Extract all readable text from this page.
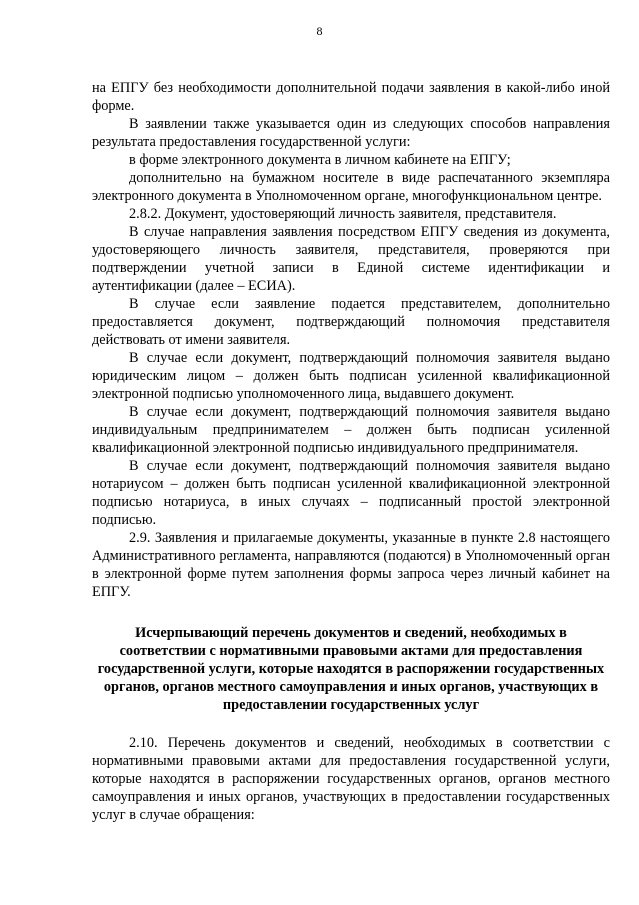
8

на ЕПГУ без необходимости дополнительной подачи заявления в какой-либо иной форме.

В заявлении также указывается один из следующих способов направления результата предоставления государственной услуги:

в форме электронного документа в личном кабинете на ЕПГУ;

дополнительно на бумажном носителе в виде распечатанного экземпляра электронного документа в Уполномоченном органе, многофункциональном центре.

2.8.2. Документ, удостоверяющий личность заявителя, представителя.

В случае направления заявления посредством ЕПГУ сведения из документа, удостоверяющего личность заявителя, представителя, проверяются при подтверждении учетной записи в Единой системе идентификации и аутентификации (далее – ЕСИА).

В случае если заявление подается представителем, дополнительно предоставляется документ, подтверждающий полномочия представителя действовать от имени заявителя.

В случае если документ, подтверждающий полномочия заявителя выдано юридическим лицом – должен быть подписан усиленной квалификационной электронной подписью уполномоченного лица, выдавшего документ.

В случае если документ, подтверждающий полномочия заявителя выдано индивидуальным предпринимателем – должен быть подписан усиленной квалификационной электронной подписью индивидуального предпринимателя.

В случае если документ, подтверждающий полномочия заявителя выдано нотариусом – должен быть подписан усиленной квалификационной электронной подписью нотариуса, в иных случаях – подписанный простой электронной подписью.

2.9. Заявления и прилагаемые документы, указанные в пункте 2.8 настоящего Административного регламента, направляются (подаются) в Уполномоченный орган в электронной форме путем заполнения формы запроса через личный кабинет на ЕПГУ.

Исчерпывающий перечень документов и сведений, необходимых в соответствии с нормативными правовыми актами для предоставления государственной услуги, которые находятся в распоряжении государственных органов, органов местного самоуправления и иных органов, участвующих в предоставлении государственных услуг

2.10. Перечень документов и сведений, необходимых в соответствии с нормативными правовыми актами для предоставления государственной услуги, которые находятся в распоряжении государственных органов, органов местного самоуправления и иных органов, участвующих в предоставлении государственных услуг в случае обращения:
